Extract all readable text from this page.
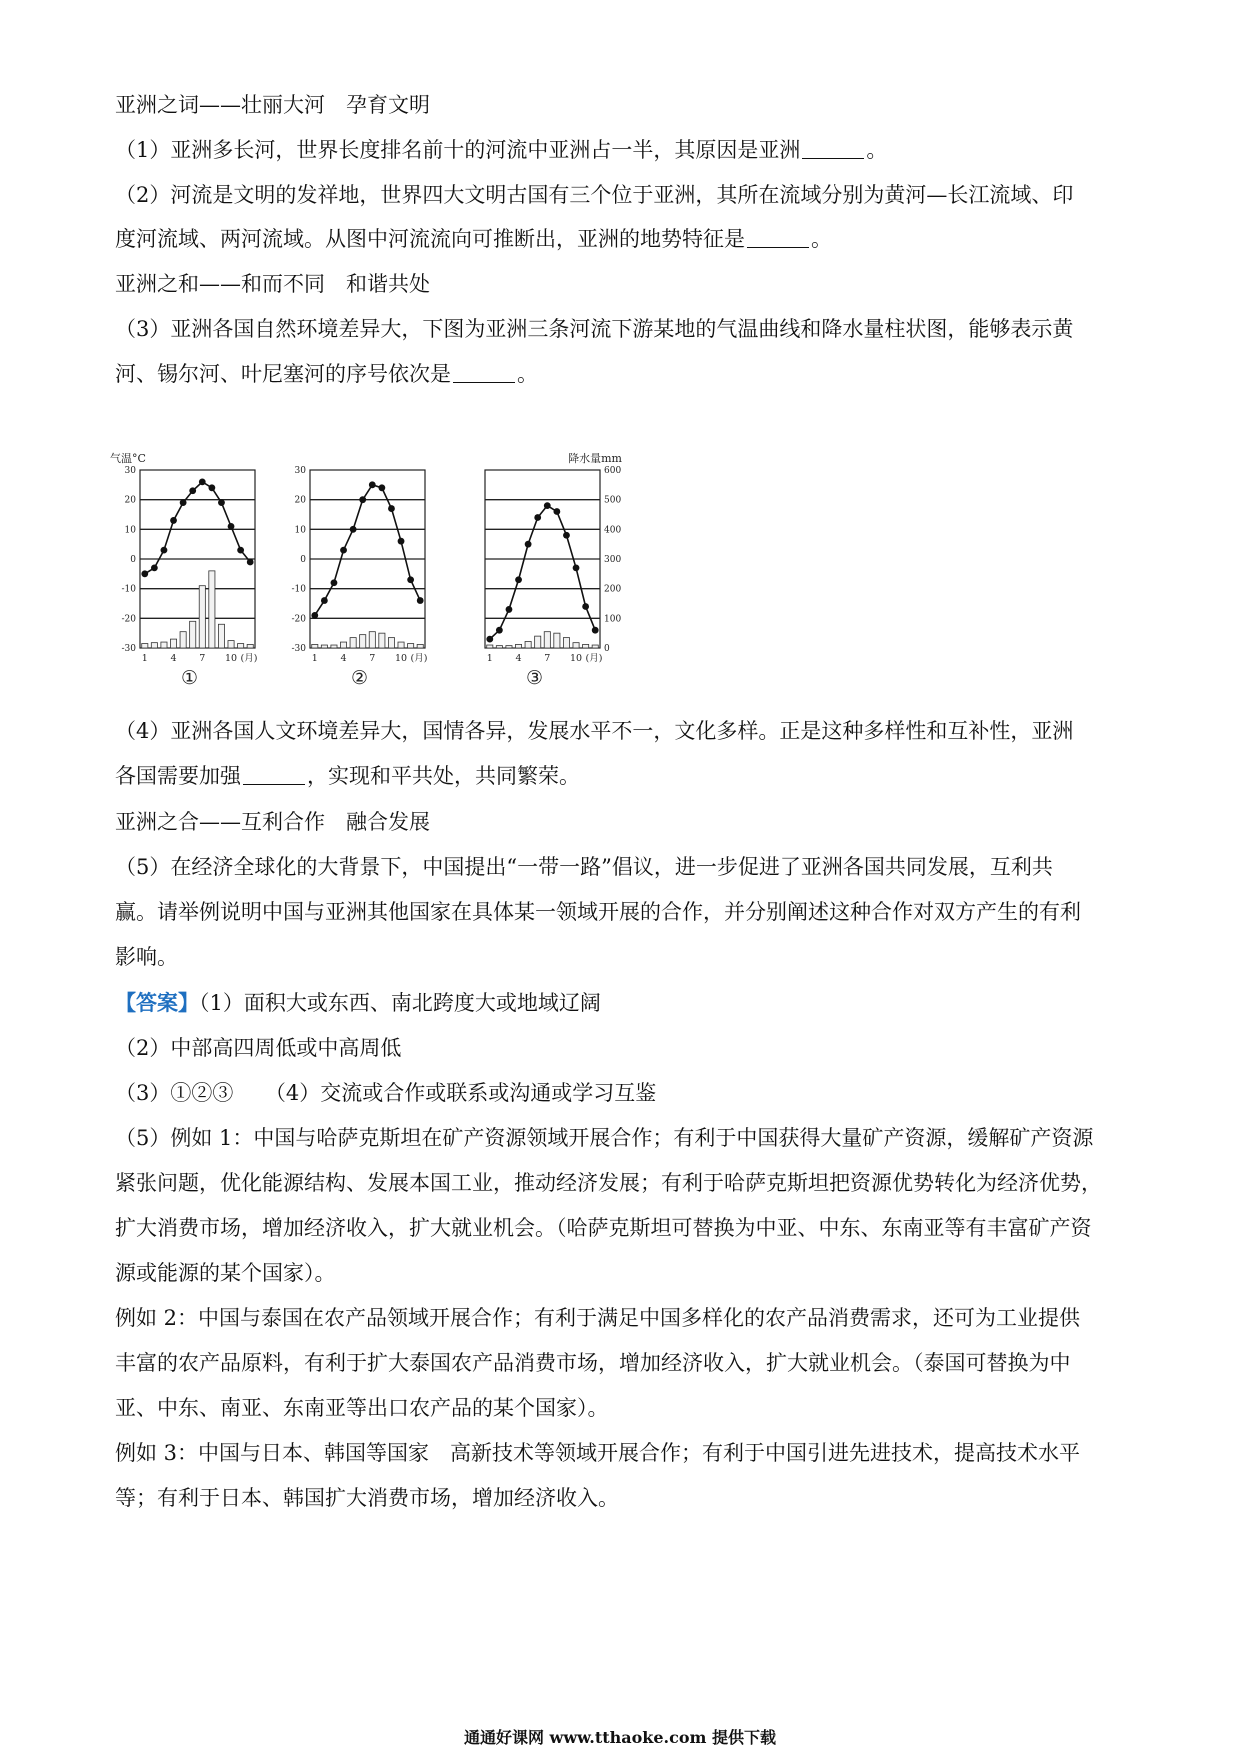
亚洲之词——壮丽大河　孕育文明
（1）亚洲多长河，世界长度排名前十的河流中亚洲占一半，其原因是亚洲	。
（2）河流是文明的发祥地，世界四大文明古国有三个位于亚洲，其所在流域分别为黄河—长江流域、印
度河流域、两河流域。从图中河流流向可推断出，亚洲的地势特征是	。
亚洲之和——和而不同　和谐共处
（3）亚洲各国自然环境差异大，下图为亚洲三条河流下游某地的气温曲线和降水量柱状图，能够表示黄
河、锡尔河、叶尼塞河的序号依次是	。
30
20
10
0
-10
-20
-30
气温°C
1 4 7 10 (月)
①
30
20
10
0
-10
-20
-30
1 4 7 10 (月)
②
600
500
400
300
200
100
0
降水量mm
1 4 7 10 (月)
③
（4）亚洲各国人文环境差异大，国情各异，发展水平不一，文化多样。正是这种多样性和互补性，亚洲
各国需要加强	，实现和平共处，共同繁荣。
亚洲之合——互利合作　融合发展
（5）在经济全球化的大背景下，中国提出“一带一路”倡议，进一步促进了亚洲各国共同发展，互利共
赢。请举例说明中国与亚洲其他国家在具体某一领域开展的合作，并分别阐述这种合作对双方产生的有利
影响。
【答案】（1）面积大或东西、南北跨度大或地域辽阔
（2）中部高四周低或中高周低
（3）①②③　　（4）交流或合作或联系或沟通或学习互鉴
（5）例如 1：中国与哈萨克斯坦在矿产资源领域开展合作；有利于中国获得大量矿产资源，缓解矿产资源
紧张问题，优化能源结构、发展本国工业，推动经济发展；有利于哈萨克斯坦把资源优势转化为经济优势，
扩大消费市场，增加经济收入，扩大就业机会。（哈萨克斯坦可替换为中亚、中东、东南亚等有丰富矿产资
源或能源的某个国家）。
例如 2：中国与泰国在农产品领域开展合作；有利于满足中国多样化的农产品消费需求，还可为工业提供
丰富的农产品原料，有利于扩大泰国农产品消费市场，增加经济收入，扩大就业机会。（泰国可替换为中
亚、中东、南亚、东南亚等出口农产品的某个国家）。
例如 3：中国与日本、韩国等国家　高新技术等领域开展合作；有利于中国引进先进技术，提高技术水平
等；有利于日本、韩国扩大消费市场，增加经济收入。
通通好课网 www.tthaoke.com 提供下载
